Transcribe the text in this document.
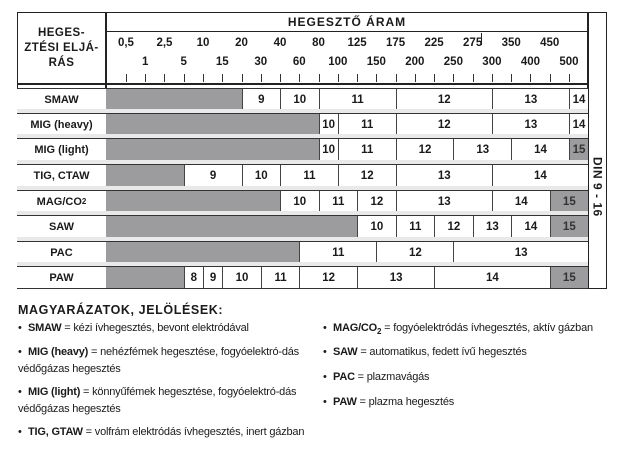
HEGES-
ZTÉSI ELJÁ-
RÁS
HEGESZTŐ ÁRAM
0,5
1
2,5
5
10
15
20
30
40
60
80
100
125
150
175
200
225
250
275
300
350
400
450
500
SMAW	9	10	11	12	13	14
MIG (heavy)	10	11	12	13	14
MIG (light)	10	11	12	13	14	15
TIG, CTAW	9	10	11	12	13	14
MAG/CO 2	10	11	12	13	14	15
SAW	10	11	12	13	14	15
PAC	11	12	13
PAW	8	9	10	11	12	13	14	15
DIN 9 - 16
MAGYARÁZATOK, JELÖLÉSEK:
• SMAW = kézi ívhegesztés, bevont elektródával
• MIG (heavy) = nehézfémek hegesztése, fogyóelektró-dás védőgázas hegesztés
• MIG (light) = könnyűfémek hegesztése, fogyóelektró-dás védőgázas hegesztés
• TIG, GTAW = volfrám elektródás ívhegesztés, inert gázban
• MAG/$CO_2$ = fogyóelektródás ívhegesztés, aktív gázban
• SAW = automatikus, fedett ívű hegesztés
• PAC = plazmavágás
• PAW = plazma hegesztés
